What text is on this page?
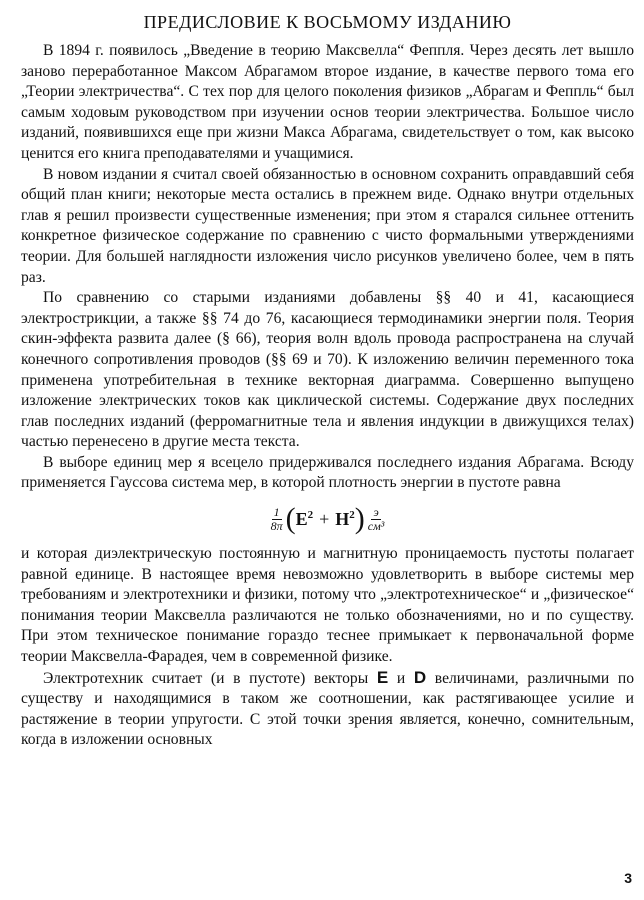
ПРЕДИСЛОВИЕ К ВОСЬМОМУ ИЗДАНИЮ

В 1894 г. появилось „Введение в теорию Максвелла“ Феппля. Через десять лет вышло заново переработанное Максом Абрагамом второе издание, в качестве первого тома его „Теории электричества“. С тех пор для целого поколения физиков „Абрагам и Феппль“ был самым ходовым руководством при изучении основ теории электричества. Большое число изданий, появившихся еще при жизни Макса Абрагама, свидетельствует о том, как высоко ценится его книга преподавателями и учащимися.

В новом издании я считал своей обязанностью в основном сохранить оправдавший себя общий план книги; некоторые места остались в прежнем виде. Однако внутри отдельных глав я решил произвести существенные изменения; при этом я старался сильнее оттенить конкретное физическое содержание по сравнению с чисто формальными утверждениями теории. Для большей наглядности изложения число рисунков увеличено более, чем в пять раз.

По сравнению со старыми изданиями добавлены §§ 40 и 41, касающиеся электрострикции, а также §§ 74 до 76, касающиеся термодинамики энергии поля. Теория скин-эффекта развита далее (§ 66), теория волн вдоль провода распространена на случай конечного сопротивления проводов (§§ 69 и 70). К изложению величин переменного тока применена употребительная в технике векторная диаграмма. Совершенно выпущено изложение электрических токов как циклической системы. Содержание двух последних глав последних изданий (ферромагнитные тела и явления индукции в движущихся телах) частью перенесено в другие места текста.

В выборе единиц мер я всецело придерживался последнего издания Абрагама. Всюду применяется Гауссова система мер, в которой плотность энергии в пустоте равна

$\frac{1}{8\pi}$ ( $E^2 + H^2$ ) $\frac{э}{\text{см³}}$

и которая диэлектрическую постоянную и магнитную проницаемость пустоты полагает равной единице. В настоящее время невозможно удовлетворить в выборе системы мер требованиям и электротехники и физики, потому что „электротехническое“ и „физическое“ понимания теории Максвелла различаются не только обозначениями, но и по существу. При этом техническое понимание гораздо теснее примыкает к первоначальной форме теории Максвелла-Фарадея, чем в современной физике.

Электротехник считает (и в пустоте) векторы E и D величинами, различными по существу и находящимися в таком же соотношении, как растягивающее усилие и растяжение в теории упругости. С этой точки зрения является, конечно, сомнительным, когда в изложении основных

3
